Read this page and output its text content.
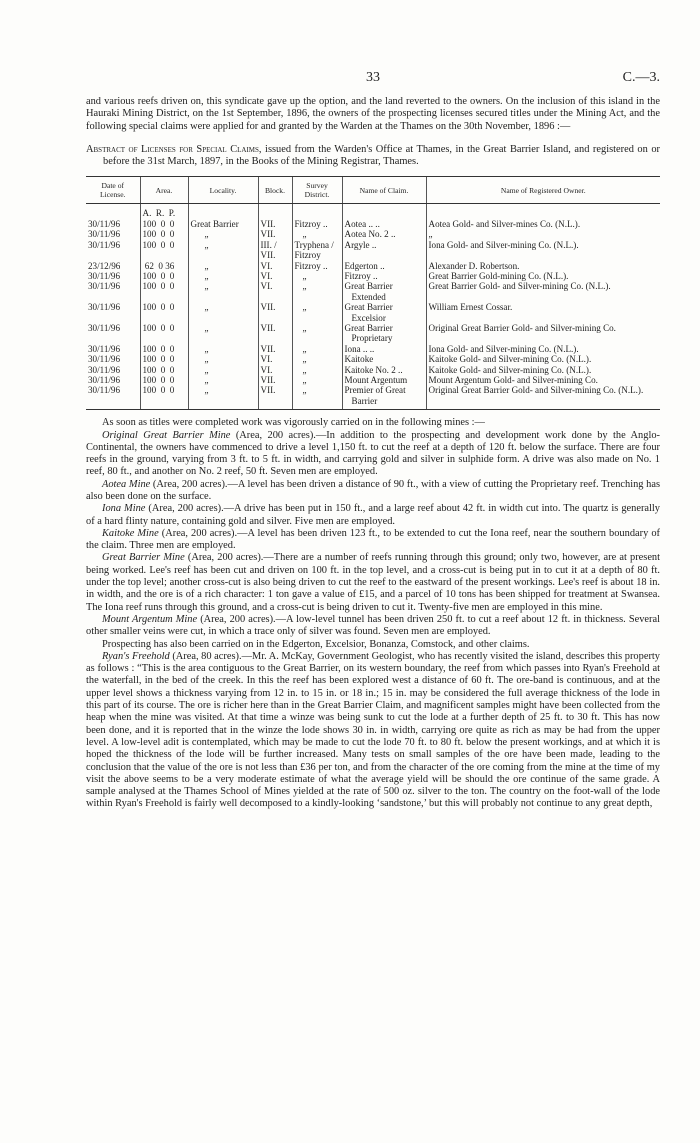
33	C.—3.

and various reefs driven on, this syndicate gave up the option, and the land reverted to the owners. On the inclusion of this island in the Hauraki Mining District, on the 1st September, 1896, the owners of the prospecting licenses secured titles under the Mining Act, and the following special claims were applied for and granted by the Warden at the Thames on the 30th November, 1896 :—

Abstract of Licenses for Special Claims, issued from the Warden's Office at Thames, in the Great Barrier Island, and registered on or before the 31st March, 1897, in the Books of the Mining Registrar, Thames.

Date of License.	Area.	Locality.	Block.	Survey District.	Name of Claim.	Name of Registered Owner.
	A.  R.  P.					
30/11/96	100  0  0	Great Barrier	VII.	Fitzroy ..	Aotea .. ..	Aotea Gold- and Silver-mines Co. (N.L.).
30/11/96	100  0  0	„	VII.	„	Aotea No. 2 ..	„
30/11/96	100  0  0	„	III. / VII.	Tryphena / Fitzroy	Argyle ..	Iona Gold- and Silver-mining Co. (N.L.).
23/12/96	62  0 36	„	VI.	Fitzroy ..	Edgerton ..	Alexander D. Robertson.
30/11/96	100  0  0	„	VI.	„	Fitzroy ..	Great Barrier Gold-mining Co. (N.L.).
30/11/96	100  0  0	„	VI.	„	Great Barrier Extended	Great Barrier Gold- and Silver-mining Co. (N.L.).
30/11/96	100  0  0	„	VII.	„	Great Barrier Excelsior	William Ernest Cossar.
30/11/96	100  0  0	„	VII.	„	Great Barrier Proprietary	Original Great Barrier Gold- and Silver-mining Co.
30/11/96	100  0  0	„	VII.	„	Iona .. ..	Iona Gold- and Silver-mining Co. (N.L.).
30/11/96	100  0  0	„	VI.	„	Kaitoke	Kaitoke Gold- and Silver-mining Co. (N.L.).
30/11/96	100  0  0	„	VI.	„	Kaitoke No. 2 ..	Kaitoke Gold- and Silver-mining Co. (N.L.).
30/11/96	100  0  0	„	VII.	„	Mount Argentum	Mount Argentum Gold- and Silver-mining Co.
30/11/96	100  0  0	„	VII.	„	Premier of Great Barrier	Original Great Barrier Gold- and Silver-mining Co. (N.L.).

As soon as titles were completed work was vigorously carried on in the following mines :—

Original Great Barrier Mine (Area, 200 acres).—In addition to the prospecting and development work done by the Anglo-Continental, the owners have commenced to drive a level 1,150 ft. to cut the reef at a depth of 120 ft. below the surface. There are four reefs in the ground, varying from 3 ft. to 5 ft. in width, and carrying gold and silver in sulphide form. A drive was also made on No. 1 reef, 80 ft., and another on No. 2 reef, 50 ft. Seven men are employed.

Aotea Mine (Area, 200 acres).—A level has been driven a distance of 90 ft., with a view of cutting the Proprietary reef. Trenching has also been done on the surface.

Iona Mine (Area, 200 acres).—A drive has been put in 150 ft., and a large reef about 42 ft. in width cut into. The quartz is generally of a hard flinty nature, containing gold and silver. Five men are employed.

Kaitoke Mine (Area, 200 acres).—A level has been driven 123 ft., to be extended to cut the Iona reef, near the southern boundary of the claim. Three men are employed.

Great Barrier Mine (Area, 200 acres).—There are a number of reefs running through this ground; only two, however, are at present being worked. Lee's reef has been cut and driven on 100 ft. in the top level, and a cross-cut is being put in to cut it at a depth of 80 ft. under the top level; another cross-cut is also being driven to cut the reef to the eastward of the present workings. Lee's reef is about 18 in. in width, and the ore is of a rich character: 1 ton gave a value of £15, and a parcel of 10 tons has been shipped for treatment at Swansea. The Iona reef runs through this ground, and a cross-cut is being driven to cut it. Twenty-five men are employed in this mine.

Mount Argentum Mine (Area, 200 acres).—A low-level tunnel has been driven 250 ft. to cut a reef about 12 ft. in thickness. Several other smaller veins were cut, in which a trace only of silver was found. Seven men are employed.

Prospecting has also been carried on in the Edgerton, Excelsior, Bonanza, Comstock, and other claims.

Ryan's Freehold (Area, 80 acres).—Mr. A. McKay, Government Geologist, who has recently visited the island, describes this property as follows : “This is the area contiguous to the Great Barrier, on its western boundary, the reef from which passes into Ryan's Freehold at the waterfall, in the bed of the creek. In this the reef has been explored west a distance of 60 ft. The ore-band is continuous, and at the upper level shows a thickness varying from 12 in. to 15 in. or 18 in.; 15 in. may be considered the full average thickness of the lode in this part of its course. The ore is richer here than in the Great Barrier Claim, and magnificent samples might have been collected from the heap when the mine was visited. At that time a winze was being sunk to cut the lode at a further depth of 25 ft. to 30 ft. This has now been done, and it is reported that in the winze the lode shows 30 in. in width, carrying ore quite as rich as may be had from the upper level. A low-level adit is contemplated, which may be made to cut the lode 70 ft. to 80 ft. below the present workings, and at which it is hoped the thickness of the lode will be further increased. Many tests on small samples of the ore have been made, leading to the conclusion that the value of the ore is not less than £36 per ton, and from the character of the ore coming from the mine at the time of my visit the above seems to be a very moderate estimate of what the average yield will be should the ore continue of the same grade. A sample analysed at the Thames School of Mines yielded at the rate of 500 oz. silver to the ton. The country on the foot-wall of the lode within Ryan's Freehold is fairly well decomposed to a kindly-looking ‘sandstone,’ but this will probably not continue to any great depth,
